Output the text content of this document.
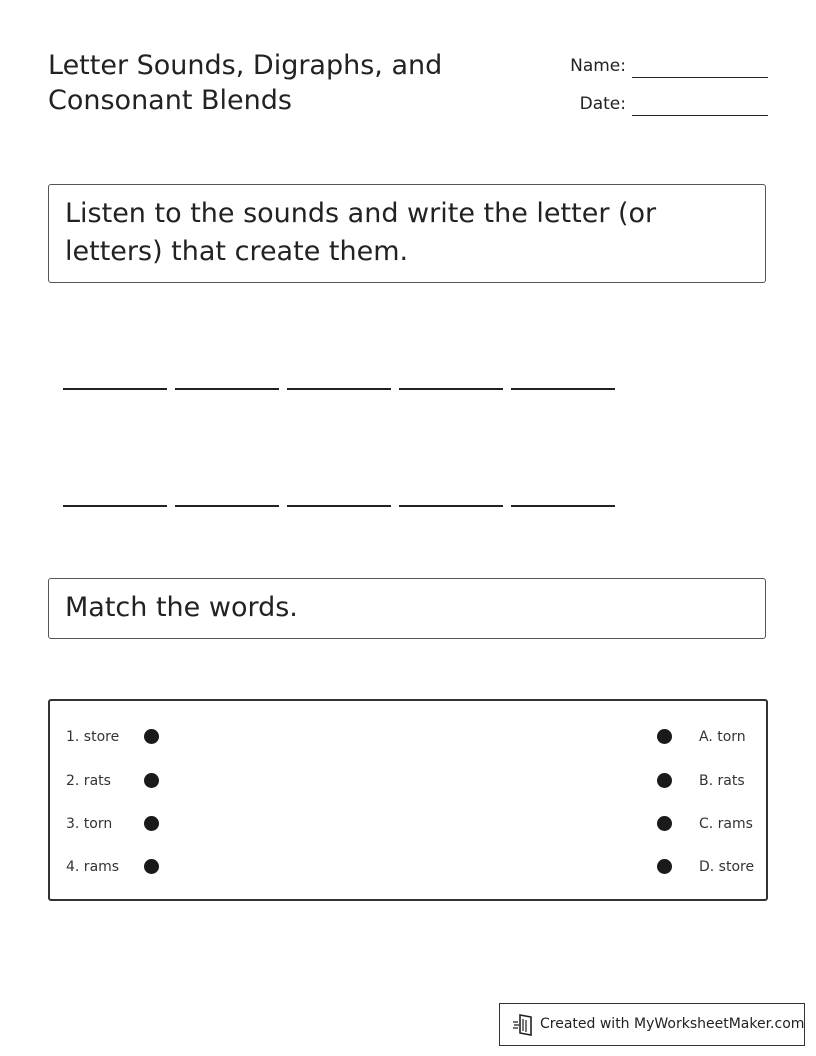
Letter Sounds, Digraphs, and
Consonant Blends
Name:
Date:
Listen to the sounds and write the letter (or letters) that create them.
Match the words.
1. store
2. rats
3. torn
4. rams
A. torn
B. rats
C. rams
D. store
Created with MyWorksheetMaker.com
